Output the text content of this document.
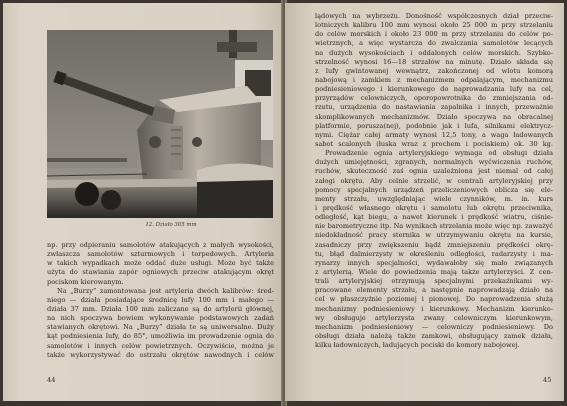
12. Działo 305 mm
np. przy odpieraniu samolotów atakujących z małych wysokości,
zwłaszcza samolotów szturmowych i torpedowych. Artyleria
w takich wypadkach może oddać duże usługi. Może być także
użyta do stawiania zapór ogniowych przeciw atakującym okręt
pociskom kierowanym.
Na „Burzy” zamontowana jest artyleria dwóch kalibrów: śred-
niego — działa posiadające średnicę lufy 100 mm i małego —
działa 37 mm. Działa 100 mm zaliczane są do artylerii głównej,
na nich spoczywa bowiem wykonywanie podstawowych zadań
stawianych okrętowi. Na „Burzy” działa te są uniwersalne. Duży
kąt podniesienia lufy, do 85°, umożliwia im prowadzenie ognia do
samolotów i innych celów powietrznych. Oczywiście, można je
także wykorzystywać do ostrzału okrętów nawodnych i celów
44
lądowych na wybrzeżu. Donośność współczesnych dział przeciw-
lotniczych kalibru 100 mm wynosi około 25 000 m przy strzelaniu
do celów morskich i około 23 000 m przy strzelaniu do celów po-
wietrznych, a więc wystarcza do zwalczania samolotów lecących
na dużych wysokościach i oddalonych celów morskich. Szybko-
strzelność wynosi 16—18 strzałów na minutę. Działo składa się
z lufy gwintowanej wewnątrz, zakończonej od wlotu komorą
nabojową i zamkiem z mechanizmem odpalającym, mechanizmu
podniesieniowego i kierunkowego do naprowadzania lufy na cel,
przyrządów celowniczych, oporopowrotnika do zmniejszania od-
rzutu, urządzenia do nastawiania zapalnika i innych, przeważnie
skomplikowanych mechanizmów. Działo spoczywa na obracalnej
platformie, porusza(nej), podobnie jak i lufa, silnikami elektrycz-
nymi. Ciężar całej armaty wynosi 12,5 tony, a waga ładowanych
sabot scalonych (łuska wraz z prochem i pociskiem) ok. 30 kg.
Prowadzenie ognia artyleryjskiego wymaga od obsługi działa
dużych umiejętności, zgranych, normalnych wyćwiczenia ruchów,
ruchów, skuteczność zaś ognia uzależniona jest niemal od całej
załogi okrętu. Aby celnie strzelić, w centrali artyleryjskiej przy
pomocy specjalnych urządzeń przeliczeniowych oblicza się ele-
menty strzału, uwzględniając wiele czynników, m. in. kurs
i prędkość własnego okrętu i samolotu lub okrętu przeciwnika,
odległość, kąt biegu, a nawet kierunek i prędkość wiatru, ciśnie-
nie barometryczne itp. Na wynikach strzelania może więc np. zaważyć
niedokładność pracy sternika w utrzymywaniu okrętu na kursie,
zasadniczy przy zwiększeniu bądź zmniejszeniu prędkości okrę-
tu, błąd dalmierzysty w określeniu odległości, radarzysty i ma-
rynarzy innych specjalności, wydawałoby się mało związanych
z artylerią. Wiele do powiedzenia mają także artylerzyści. Z cen-
trali artyleryjskiej otrzymują specjalnymi przekaźnikami wy-
pracowane elementy strzału, a następnie naprowadzają działo na
cel w płaszczyźnie poziomej i pionowej. Do naprowadzenia służą
mechanizmy podniesieniowy i kierunkowy. Mechanizm kierunko-
wy obsługuje artylerzysta zwany celowniczym kierunkowym,
mechanizm podniesieniowy — celowniczy podniesieniowy. Do
obsługi działa należą także zamkowi, obsługujący zamek działa,
kilku ładowniczych, ładujących pociski do komory nabojowej.
45
